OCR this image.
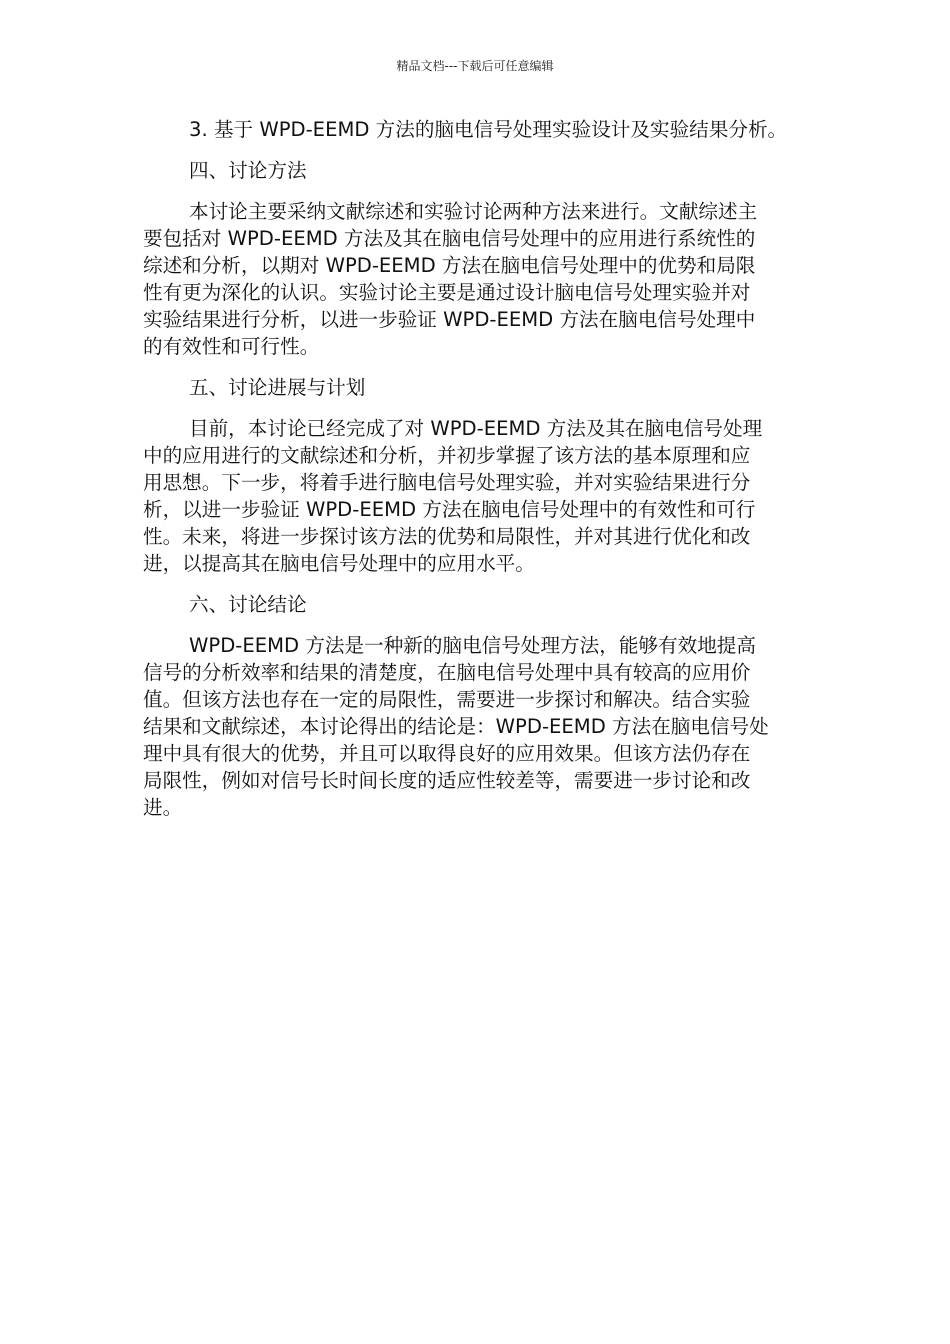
精品文档---下载后可任意编辑
3. 基于 WPD-EEMD 方法的脑电信号处理实验设计及实验结果分析。
四、讨论方法
本讨论主要采纳文献综述和实验讨论两种方法来进行。文献综述主
要包括对 WPD-EEMD 方法及其在脑电信号处理中的应用进行系统性的
综述和分析，以期对 WPD-EEMD 方法在脑电信号处理中的优势和局限
性有更为深化的认识。实验讨论主要是通过设计脑电信号处理实验并对
实验结果进行分析，以进一步验证 WPD-EEMD 方法在脑电信号处理中
的有效性和可行性。
五、讨论进展与计划
目前，本讨论已经完成了对 WPD-EEMD 方法及其在脑电信号处理
中的应用进行的文献综述和分析，并初步掌握了该方法的基本原理和应
用思想。下一步，将着手进行脑电信号处理实验，并对实验结果进行分
析，以进一步验证 WPD-EEMD 方法在脑电信号处理中的有效性和可行
性。未来，将进一步探讨该方法的优势和局限性，并对其进行优化和改
进，以提高其在脑电信号处理中的应用水平。
六、讨论结论
WPD-EEMD 方法是一种新的脑电信号处理方法，能够有效地提高
信号的分析效率和结果的清楚度，在脑电信号处理中具有较高的应用价
值。但该方法也存在一定的局限性，需要进一步探讨和解决。结合实验
结果和文献综述，本讨论得出的结论是：WPD-EEMD 方法在脑电信号处
理中具有很大的优势，并且可以取得良好的应用效果。但该方法仍存在
局限性，例如对信号长时间长度的适应性较差等，需要进一步讨论和改
进。
